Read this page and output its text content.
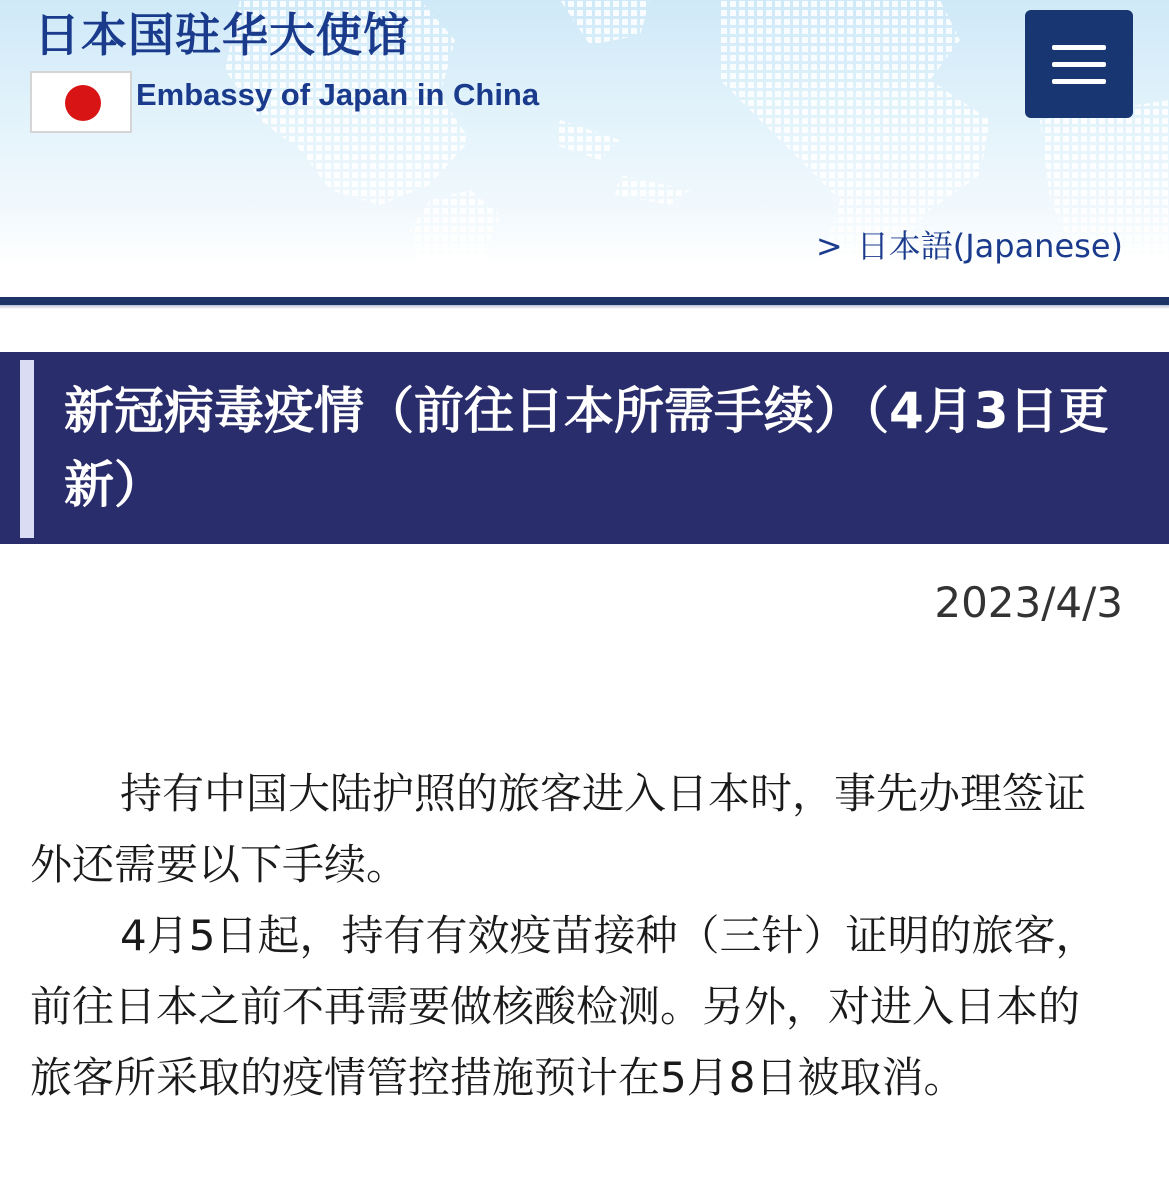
日本国驻华大使馆
Embassy of Japan in China
> 日本語(Japanese)
新冠病毒疫情（前往日本所需手续）（4月3日更新）
2023/4/3

持有中国大陆护照的旅客进入日本时，事先办理签证外还需要以下手续。

4月5日起，持有有效疫苗接种（三针）证明的旅客，前往日本之前不再需要做核酸检测。另外，对进入日本的旅客所采取的疫情管控措施预计在5月8日被取消。
